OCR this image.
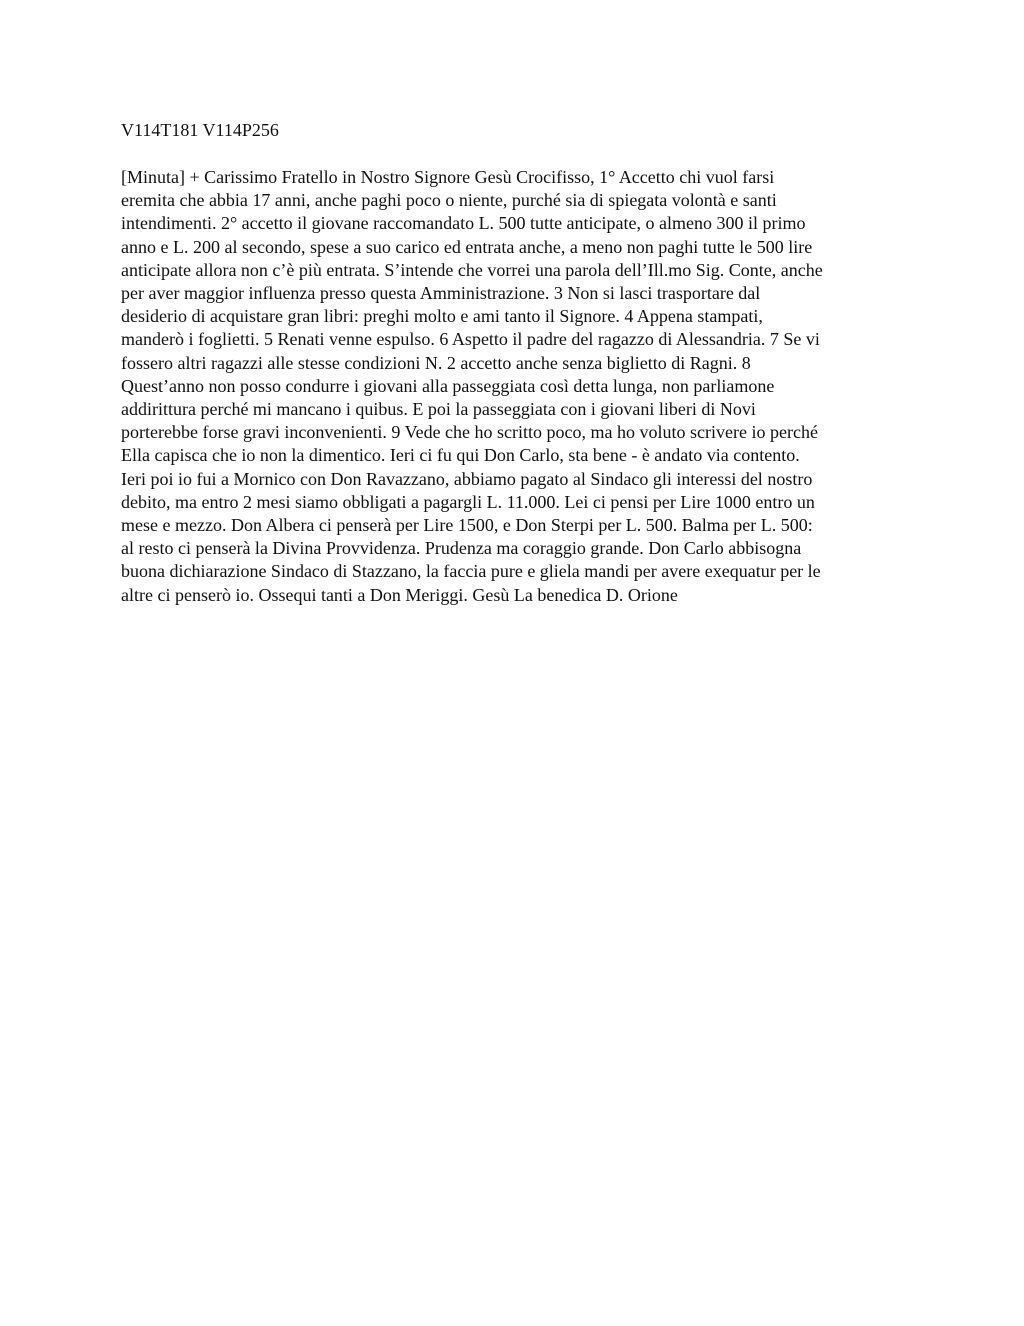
V114T181 V114P256

[Minuta] + Carissimo Fratello in Nostro Signore Gesù Crocifisso, 1° Accetto chi vuol farsi
eremita che abbia 17 anni, anche paghi poco o niente, purché sia di spiegata volontà e santi
intendimenti. 2° accetto il giovane raccomandato L. 500 tutte anticipate, o almeno 300 il primo
anno e L. 200 al secondo, spese a suo carico ed entrata anche, a meno non paghi tutte le 500 lire
anticipate allora non c’è più entrata. S’intende che vorrei una parola dell’Ill.mo Sig. Conte, anche
per aver maggior influenza presso questa Amministrazione. 3 Non si lasci trasportare dal
desiderio di acquistare gran libri: preghi molto e ami tanto il Signore. 4 Appena stampati,
manderò i foglietti. 5 Renati venne espulso. 6 Aspetto il padre del ragazzo di Alessandria. 7 Se vi
fossero altri ragazzi alle stesse condizioni N. 2 accetto anche senza biglietto di Ragni. 8
Quest’anno non posso condurre i giovani alla passeggiata così detta lunga, non parliamone
addirittura perché mi mancano i quibus. E poi la passeggiata con i giovani liberi di Novi
porterebbe forse gravi inconvenienti. 9 Vede che ho scritto poco, ma ho voluto scrivere io perché
Ella capisca che io non la dimentico. Ieri ci fu qui Don Carlo, sta bene - è andato via contento.
Ieri poi io fui a Mornico con Don Ravazzano, abbiamo pagato al Sindaco gli interessi del nostro
debito, ma entro 2 mesi siamo obbligati a pagargli L. 11.000. Lei ci pensi per Lire 1000 entro un
mese e mezzo. Don Albera ci penserà per Lire 1500, e Don Sterpi per L. 500. Balma per L. 500:
al resto ci penserà la Divina Provvidenza. Prudenza ma coraggio grande. Don Carlo abbisogna
buona dichiarazione Sindaco di Stazzano, la faccia pure e gliela mandi per avere exequatur per le
altre ci penserò io. Ossequi tanti a Don Meriggi. Gesù La benedica D. Orione
